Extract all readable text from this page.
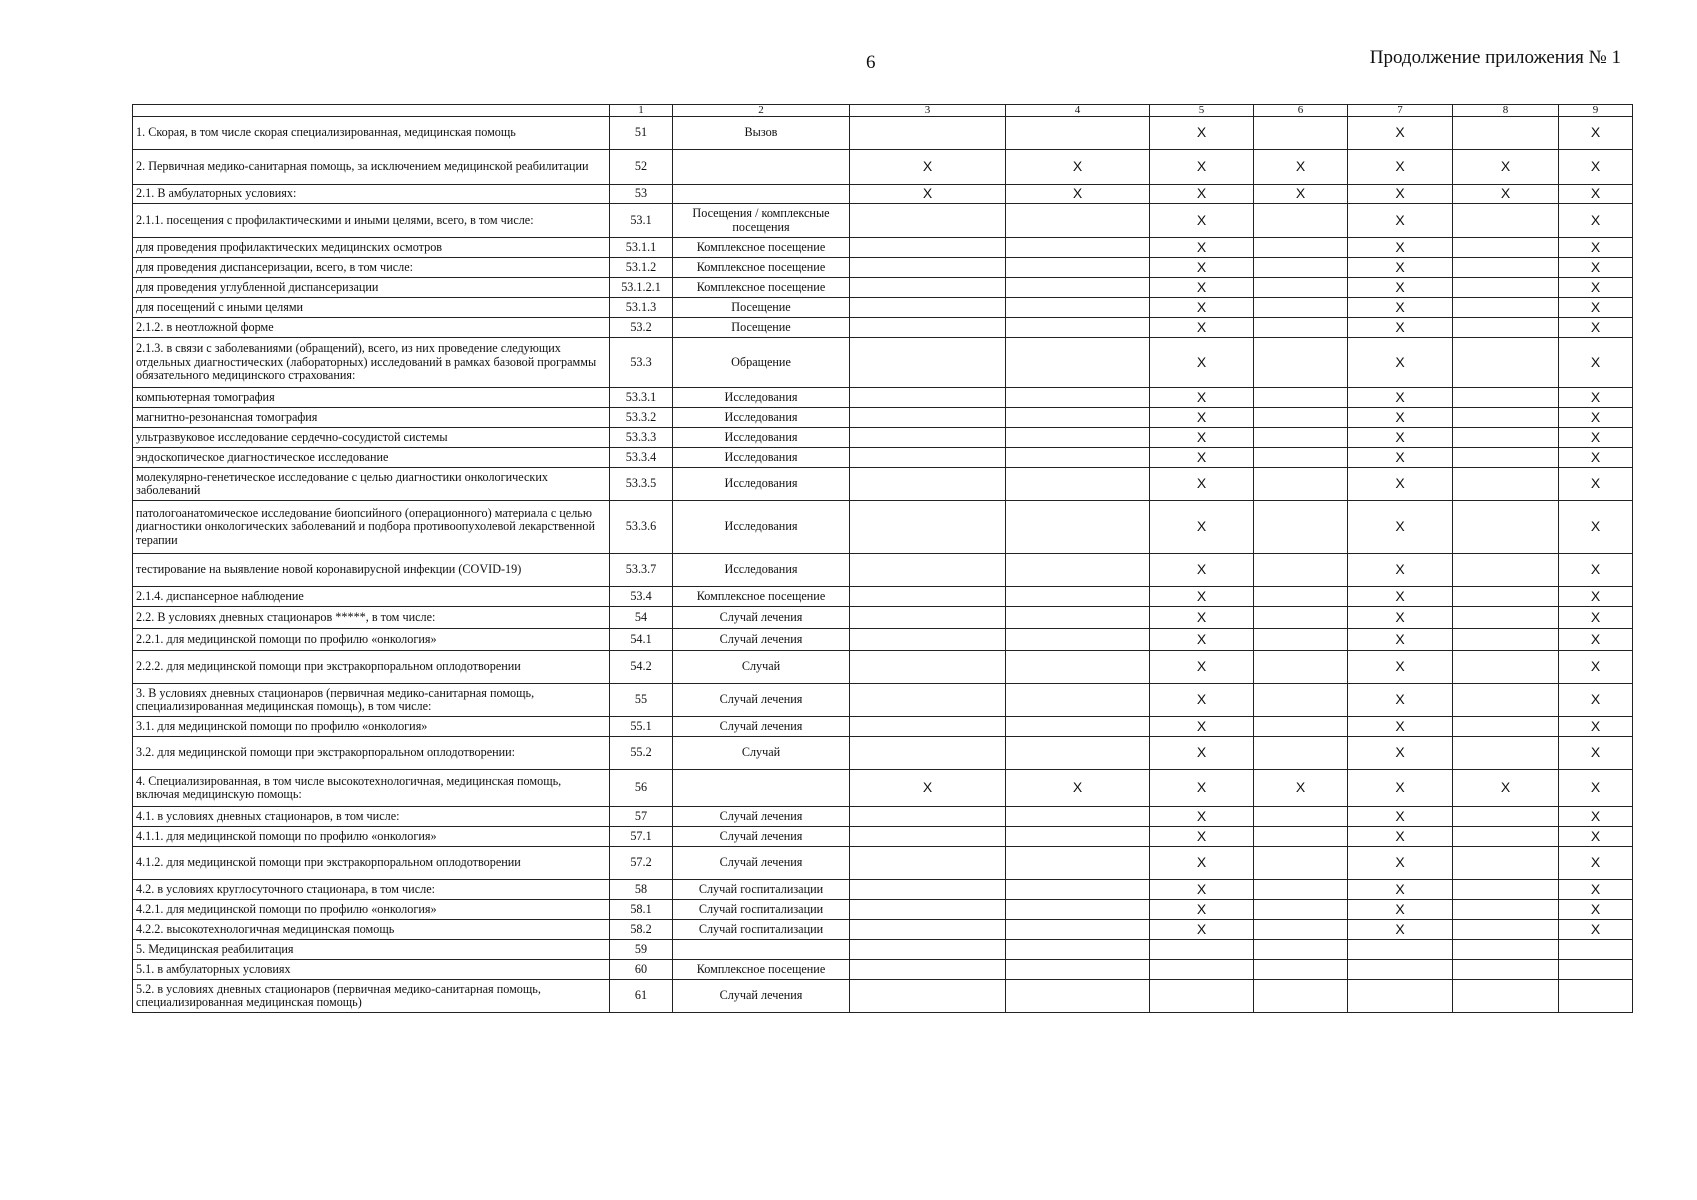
6	Продолжение приложения № 1
	1	2	3	4	5	6	7	8	9
1. Скорая, в том числе скорая специализированная, медицинская помощь	51	Вызов			X		X		X
2. Первичная медико-санитарная помощь, за исключением медицинской реабилитации	52		X	X	X	X	X	X	X
2.1. В амбулаторных условиях:	53		X	X	X	X	X	X	X
2.1.1. посещения с профилактическими и иными целями, всего, в том числе:	53.1	Посещения / комплексные посещения			X		X		X
для проведения профилактических медицинских осмотров	53.1.1	Комплексное посещение			X		X		X
для проведения диспансеризации, всего, в том числе:	53.1.2	Комплексное посещение			X		X		X
для проведения углубленной диспансеризации	53.1.2.1	Комплексное посещение			X		X		X
для посещений с иными целями	53.1.3	Посещение			X		X		X
2.1.2. в неотложной форме	53.2	Посещение			X		X		X
2.1.3. в связи с заболеваниями (обращений), всего, из них проведение следующих отдельных диагностических (лабораторных) исследований в рамках базовой программы обязательного медицинского страхования:	53.3	Обращение			X		X		X
компьютерная томография	53.3.1	Исследования			X		X		X
магнитно-резонансная томография	53.3.2	Исследования			X		X		X
ультразвуковое исследование сердечно-сосудистой системы	53.3.3	Исследования			X		X		X
эндоскопическое диагностическое исследование	53.3.4	Исследования			X		X		X
молекулярно-генетическое исследование с целью диагностики онкологических заболеваний	53.3.5	Исследования			X		X		X
патологоанатомическое исследование биопсийного (операционного) материала с целью диагностики онкологических заболеваний и подбора противоопухолевой лекарственной терапии	53.3.6	Исследования			X		X		X
тестирование на выявление новой коронавирусной инфекции (COVID-19)	53.3.7	Исследования			X		X		X
2.1.4. диспансерное наблюдение	53.4	Комплексное посещение			X		X		X
2.2. В условиях дневных стационаров *****, в том числе:	54	Случай лечения			X		X		X
2.2.1. для медицинской помощи по профилю «онкология»	54.1	Случай лечения			X		X		X
2.2.2. для медицинской помощи при экстракорпоральном оплодотворении	54.2	Случай			X		X		X
3. В условиях дневных стационаров (первичная медико-санитарная помощь, специализированная медицинская помощь), в том числе:	55	Случай лечения			X		X		X
3.1. для медицинской помощи по профилю «онкология»	55.1	Случай лечения			X		X		X
3.2. для медицинской помощи при экстракорпоральном оплодотворении:	55.2	Случай			X		X		X
4. Специализированная, в том числе высокотехнологичная, медицинская помощь, включая медицинскую помощь:	56		X	X	X	X	X	X	X
4.1. в условиях дневных стационаров, в том числе:	57	Случай лечения			X		X		X
4.1.1. для медицинской помощи по профилю «онкология»	57.1	Случай лечения			X		X		X
4.1.2. для медицинской помощи при экстракорпоральном оплодотворении	57.2	Случай лечения			X		X		X
4.2. в условиях круглосуточного стационара, в том числе:	58	Случай госпитализации			X		X		X
4.2.1. для медицинской помощи по профилю «онкология»	58.1	Случай госпитализации			X		X		X
4.2.2. высокотехнологичная медицинская помощь	58.2	Случай госпитализации			X		X		X
5. Медицинская реабилитация	59								
5.1. в амбулаторных условиях	60	Комплексное посещение							
5.2. в условиях дневных стационаров (первичная медико-санитарная помощь, специализированная медицинская помощь)	61	Случай лечения							
